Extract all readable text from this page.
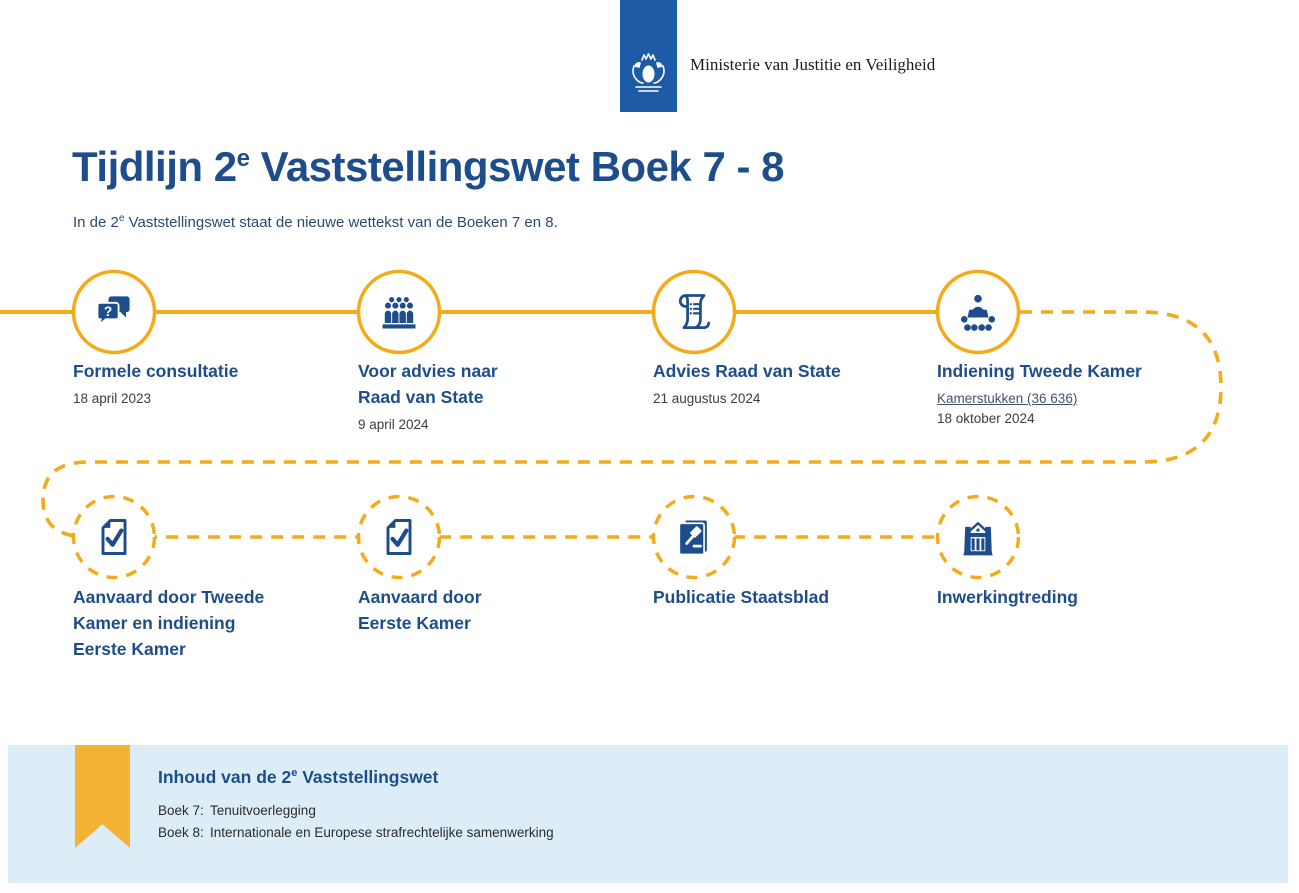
Ministerie van Justitie en Veiligheid
Tijdlijn 2e Vaststellingswet Boek 7 - 8
In de 2e Vaststellingswet staat de nieuwe wettekst van de Boeken 7 en 8.
?
Formele consultatie
18 april 2023
Voor advies naar
Raad van State
9 april 2024
Advies Raad van State
21 augustus 2024
Indiening Tweede Kamer
Kamerstukken (36 636)
18 oktober 2024
Aanvaard door Tweede
Kamer en indiening
Eerste Kamer
Aanvaard door
Eerste Kamer
Publicatie Staatsblad	Inwerkingtreding
Inhoud van de 2e Vaststellingswet
Boek 7: Tenuitvoerlegging
Boek 8: Internationale en Europese strafrechtelijke samenwerking
